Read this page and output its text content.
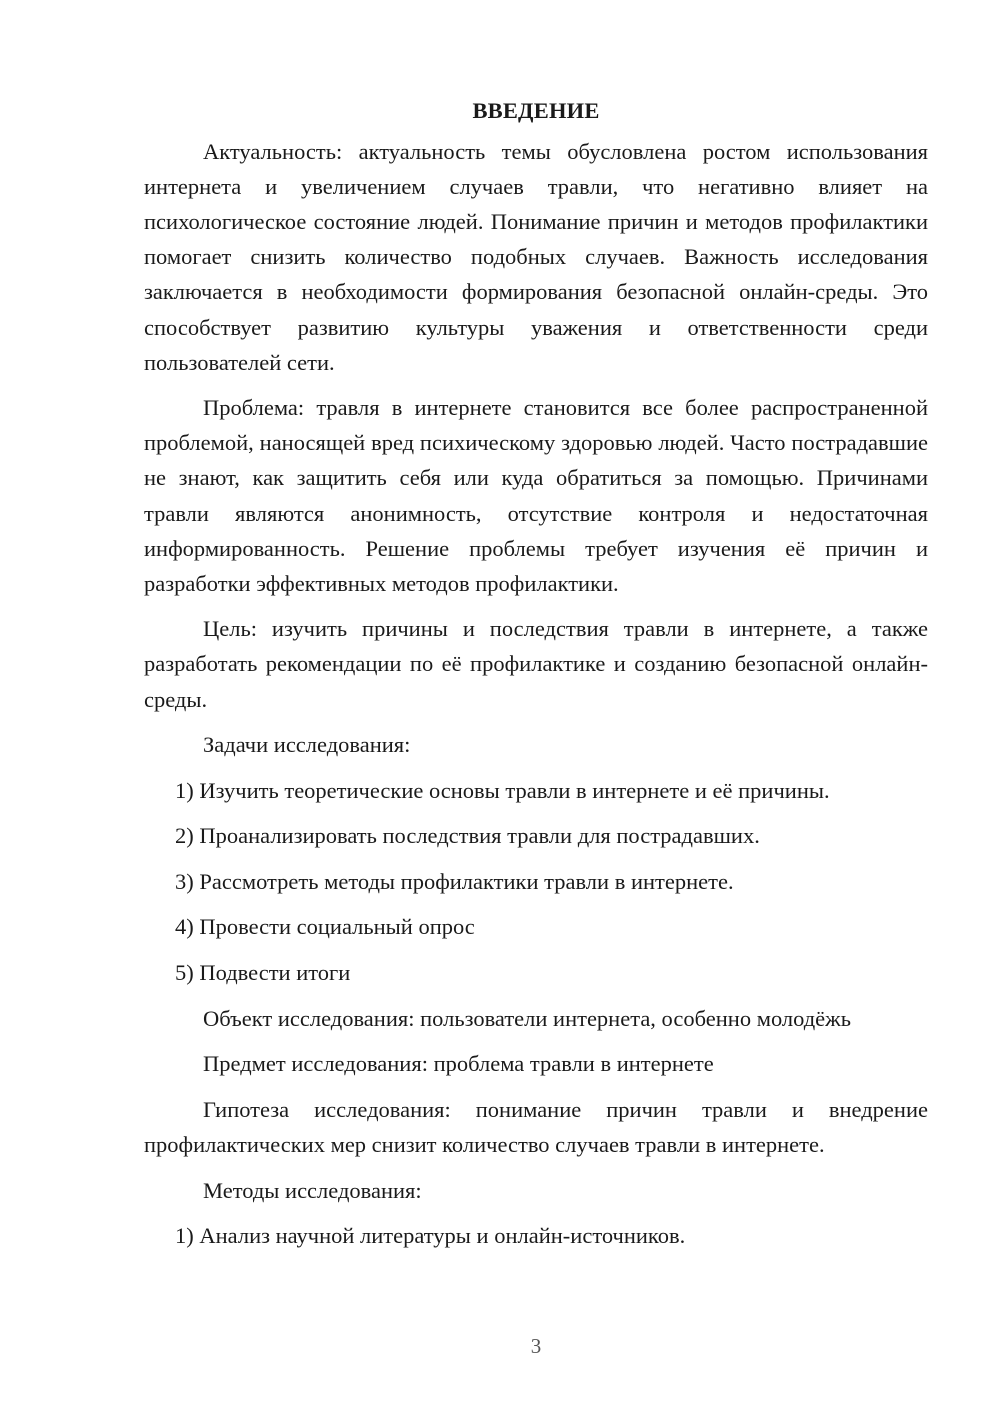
ВВЕДЕНИЕ

Актуальность: актуальность темы обусловлена ростом использования интернета и увеличением случаев травли, что негативно влияет на психологическое состояние людей. Понимание причин и методов профилактики помогает снизить количество подобных случаев. Важность исследования заключается в необходимости формирования безопасной онлайн-среды. Это способствует развитию культуры уважения и ответственности среди пользователей сети.

Проблема: травля в интернете становится все более распространенной проблемой, наносящей вред психическому здоровью людей. Часто пострадавшие не знают, как защитить себя или куда обратиться за помощью. Причинами травли являются анонимность, отсутствие контроля и недостаточная информированность. Решение проблемы требует изучения её причин и разработки эффективных методов профилактики.

Цель: изучить причины и последствия травли в интернете, а также разработать рекомендации по её профилактике и созданию безопасной онлайн-среды.

Задачи исследования:

1) Изучить теоретические основы травли в интернете и её причины.

2) Проанализировать последствия травли для пострадавших.

3) Рассмотреть методы профилактики травли в интернете.

4) Провести социальный опрос

5) Подвести итоги

Объект исследования: пользователи интернета, особенно молодёжь

Предмет исследования: проблема травли в интернете

Гипотеза исследования: понимание причин травли и внедрение профилактических мер снизит количество случаев травли в интернете.

Методы исследования:

1) Анализ научной литературы и онлайн-источников.

3
